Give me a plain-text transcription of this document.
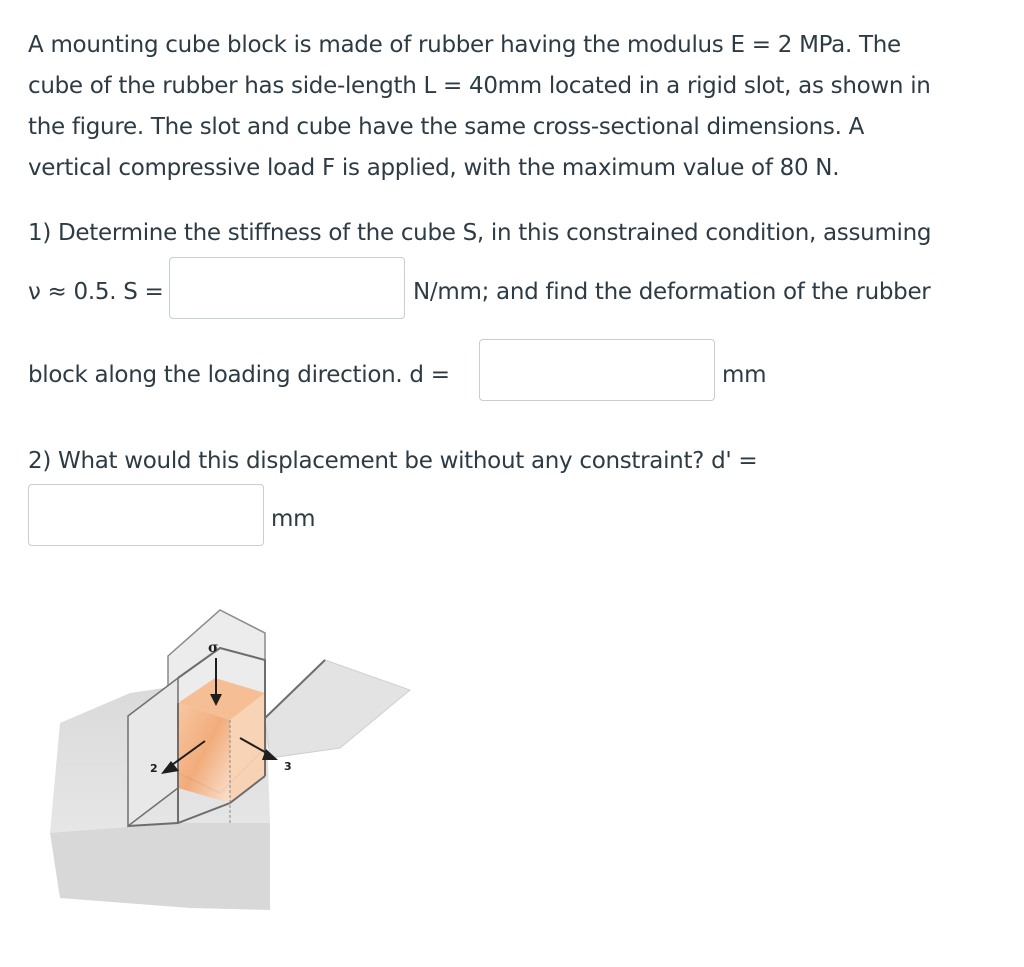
A mounting cube block is made of rubber having the modulus E = 2 MPa. The
cube of the rubber has side-length L = 40mm located in a rigid slot, as shown in
the figure. The slot and cube have the same cross-sectional dimensions. A
vertical compressive load F is applied, with the maximum value of 80 N.
1) Determine the stiffness of the cube S, in this constrained condition, assuming
ν ≈ 0.5. S =	N/mm; and find the deformation of the rubber
block along the loading direction. d =	mm
2) What would this displacement be without any constraint? d' =
mm
σ
2	3
